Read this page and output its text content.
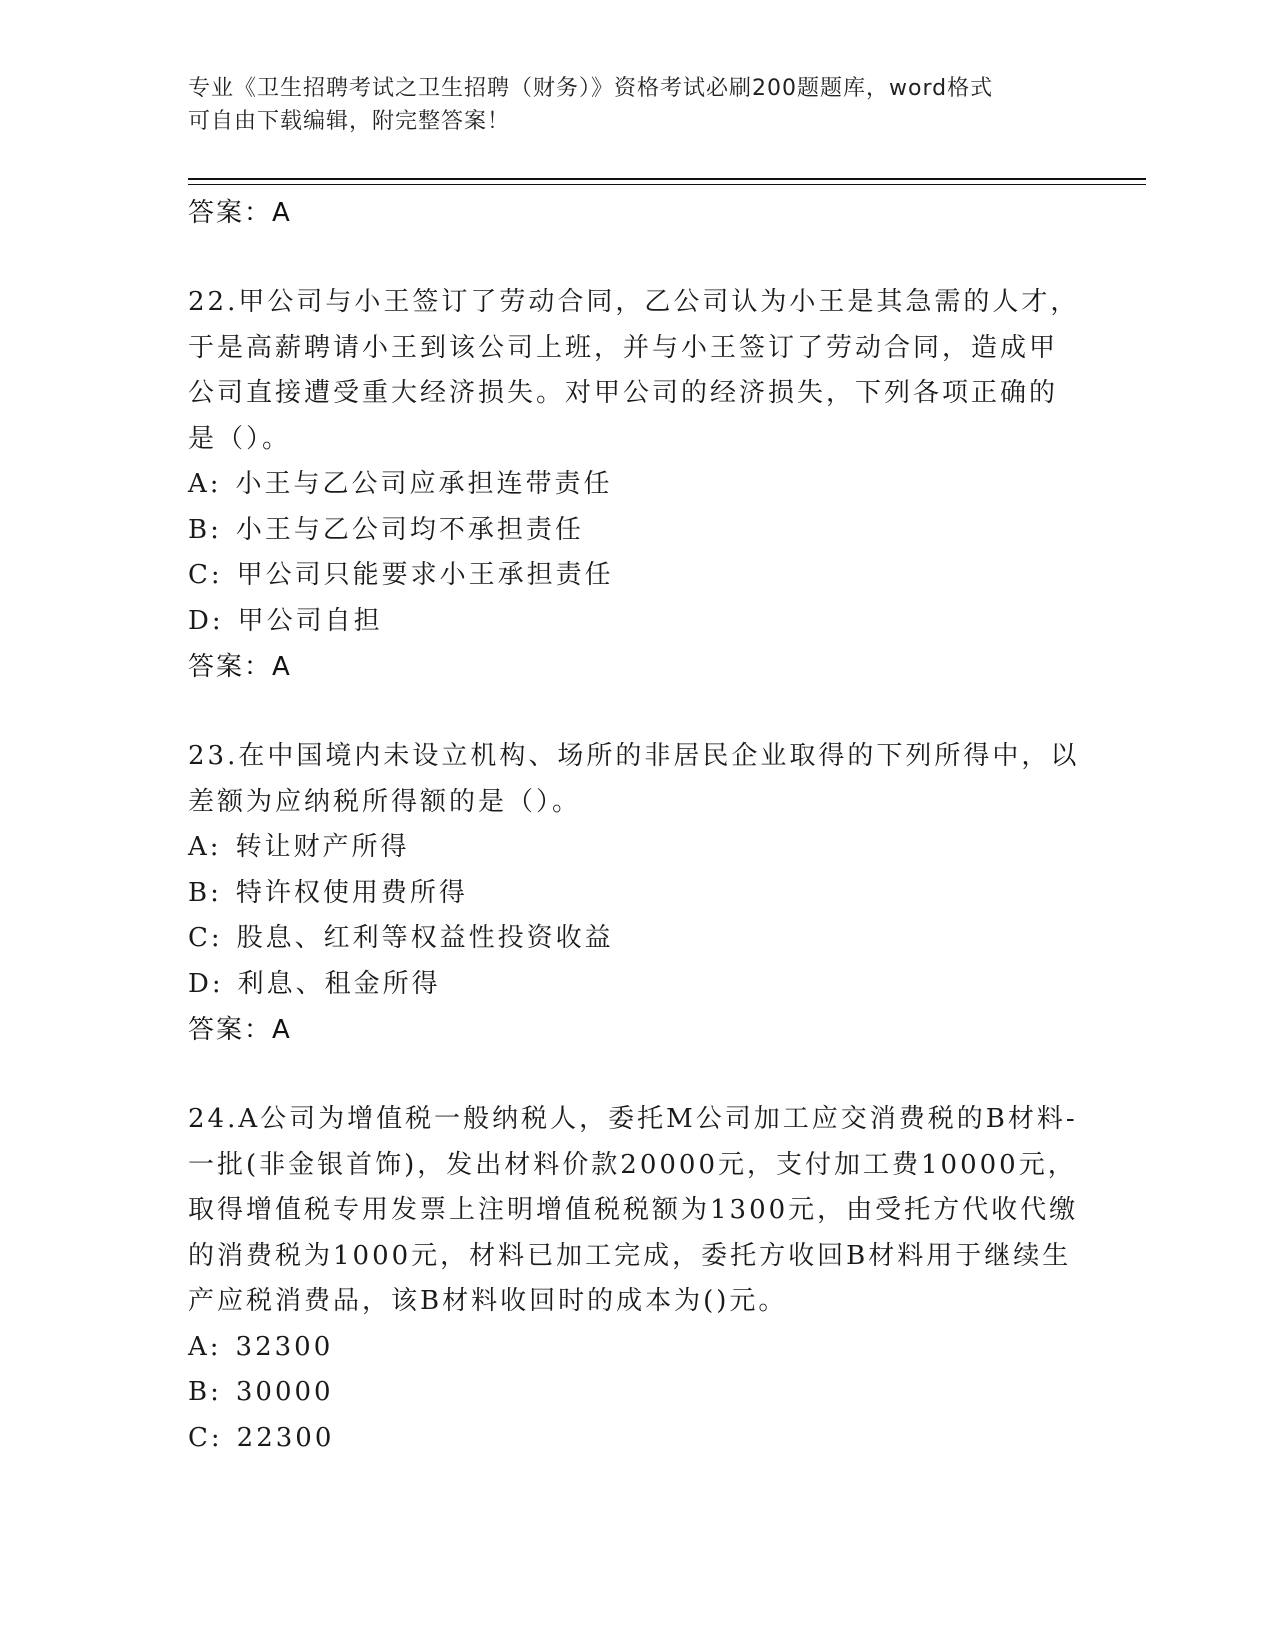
专业《卫生招聘考试之卫生招聘（财务）》资格考试必刷200题题库，word格式
可自由下载编辑，附完整答案！
答案：A
22.甲公司与小王签订了劳动合同，乙公司认为小王是其急需的人才，
于是高薪聘请小王到该公司上班，并与小王签订了劳动合同，造成甲
公司直接遭受重大经济损失。对甲公司的经济损失，下列各项正确的
是（）。
A: 小王与乙公司应承担连带责任
B: 小王与乙公司均不承担责任
C: 甲公司只能要求小王承担责任
D: 甲公司自担
答案：A
23.在中国境内未设立机构、场所的非居民企业取得的下列所得中，以
差额为应纳税所得额的是（）。
A: 转让财产所得
B: 特许权使用费所得
C: 股息、红利等权益性投资收益
D: 利息、租金所得
答案：A
24.A公司为增值税一般纳税人，委托M公司加工应交消费税的B材料-
一批(非金银首饰)，发出材料价款20000元，支付加工费10000元，
取得增值税专用发票上注明增值税税额为1300元，由受托方代收代缴
的消费税为1000元，材料已加工完成，委托方收回B材料用于继续生
产应税消费品，该B材料收回时的成本为()元。
A: 32300
B: 30000
C: 22300
